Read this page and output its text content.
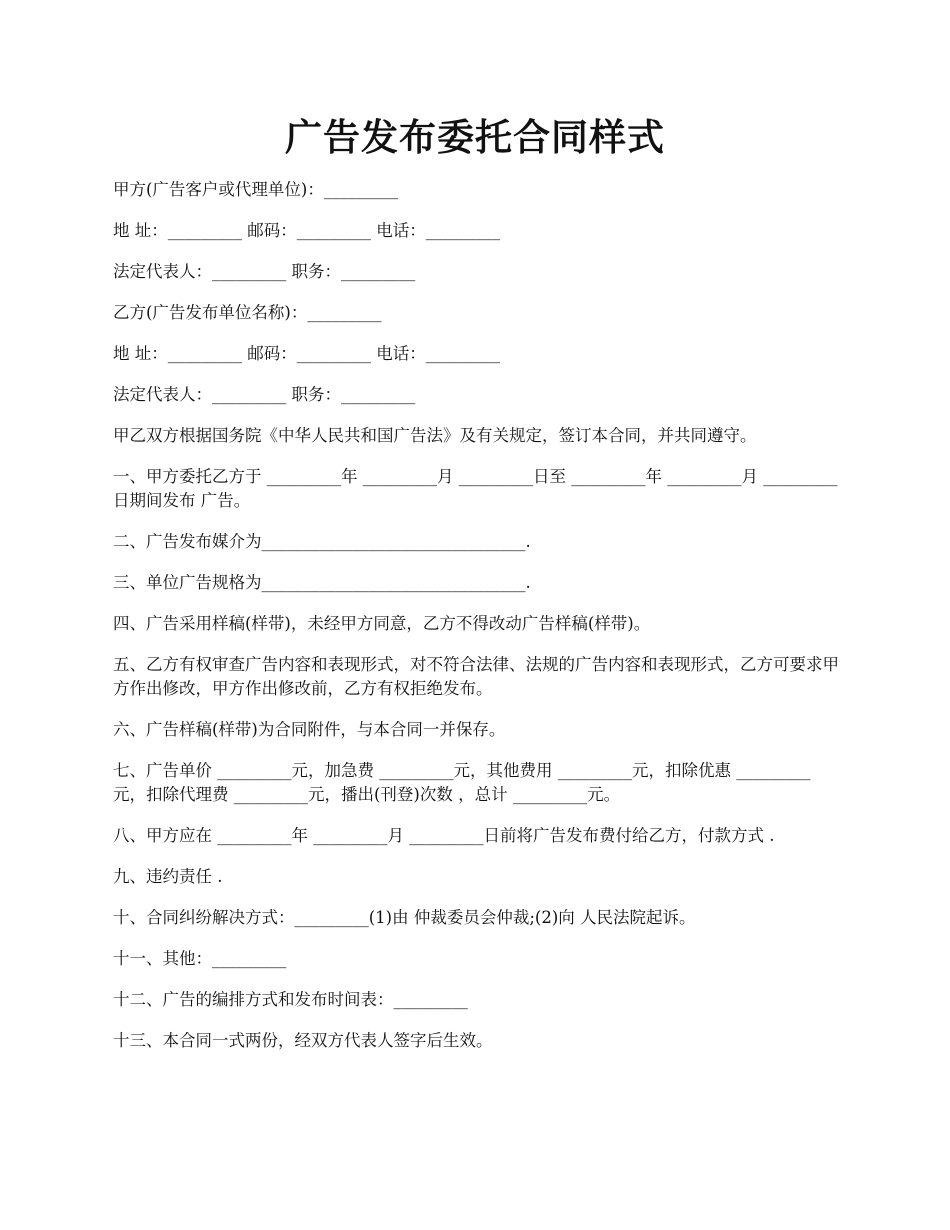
广告发布委托合同样式

甲方(广告客户或代理单位)：_________

地 址：_________ 邮码：_________ 电话：_________

法定代表人：_________ 职务：_________

乙方(广告发布单位名称)：_________

地 址：_________ 邮码：_________ 电话：_________

法定代表人：_________ 职务：_________

甲乙双方根据国务院《中华人民共和国广告法》及有关规定，签订本合同，并共同遵守。

一、甲方委托乙方于 _________年 _________月 _________日至 _________年 _________月 _________日期间发布 广告。

二、广告发布媒介为________________________________.

三、单位广告规格为________________________________.

四、广告采用样稿(样带)，未经甲方同意，乙方不得改动广告样稿(样带)。

五、乙方有权审查广告内容和表现形式，对不符合法律、法规的广告内容和表现形式，乙方可要求甲方作出修改，甲方作出修改前，乙方有权拒绝发布。

六、广告样稿(样带)为合同附件，与本合同一并保存。

七、广告单价 _________元，加急费 _________元，其他费用 _________元，扣除优惠 _________元，扣除代理费 _________元，播出(刊登)次数 ，总计 _________元。

八、甲方应在 _________年 _________月 _________日前将广告发布费付给乙方，付款方式 .

九、违约责任 .

十、合同纠纷解决方式：_________(1)由 仲裁委员会仲裁;(2)向 人民法院起诉。

十一、其他：_________

十二、广告的编排方式和发布时间表：_________

十三、本合同一式两份，经双方代表人签字后生效。
